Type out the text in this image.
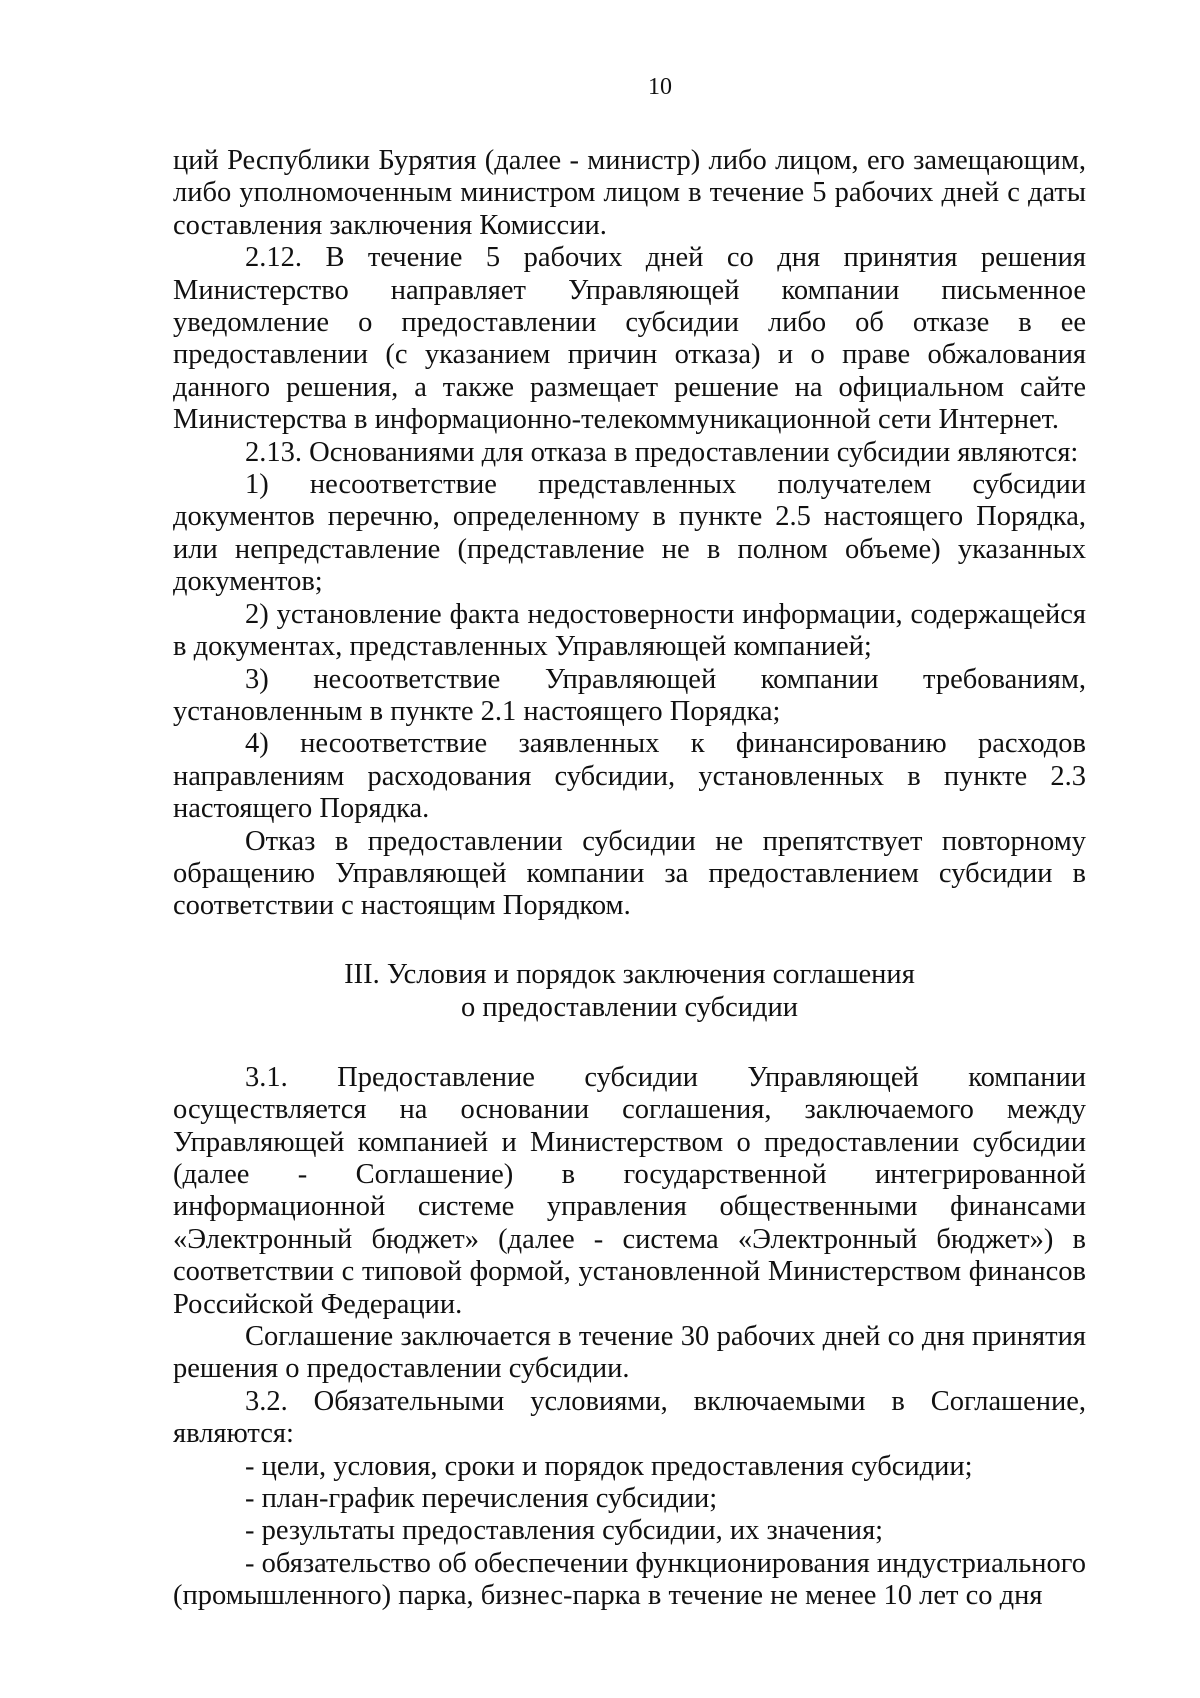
10

ций Республики Бурятия (далее - министр) либо лицом, его замещающим, либо уполномоченным министром лицом в течение 5 рабочих дней с даты составления заключения Комиссии.

2.12. В течение 5 рабочих дней со дня принятия решения Министерство направляет Управляющей компании письменное уведомление о предоставлении субсидии либо об отказе в ее предоставлении (с указанием причин отказа) и о праве обжалования данного решения, а также размещает решение на официальном сайте Министерства в информационно-телекоммуникационной сети Интернет.

2.13. Основаниями для отказа в предоставлении субсидии являются:

1) несоответствие представленных получателем субсидии документов перечню, определенному в пункте 2.5 настоящего Порядка, или непредставление (представление не в полном объеме) указанных документов;

2) установление факта недостоверности информации, содержащейся в документах, представленных Управляющей компанией;

3) несоответствие Управляющей компании требованиям, установленным в пункте 2.1 настоящего Порядка;

4) несоответствие заявленных к финансированию расходов направлениям расходования субсидии, установленных в пункте 2.3 настоящего Порядка.

Отказ в предоставлении субсидии не препятствует повторному обращению Управляющей компании за предоставлением субсидии в соответствии с настоящим Порядком.

III. Условия и порядок заключения соглашения
о предоставлении субсидии

3.1. Предоставление субсидии Управляющей компании осуществляется на основании соглашения, заключаемого между Управляющей компанией и Министерством о предоставлении субсидии (далее - Соглашение) в государственной интегрированной информационной системе управления общественными финансами «Электронный бюджет» (далее - система «Электронный бюджет») в соответствии с типовой формой, установленной Министерством финансов Российской Федерации.

Соглашение заключается в течение 30 рабочих дней со дня принятия решения о предоставлении субсидии.

3.2. Обязательными условиями, включаемыми в Соглашение, являются:

- цели, условия, сроки и порядок предоставления субсидии;

- план-график перечисления субсидии;

- результаты предоставления субсидии, их значения;

- обязательство об обеспечении функционирования индустриального (промышленного) парка, бизнес-парка в течение не менее 10 лет со дня
